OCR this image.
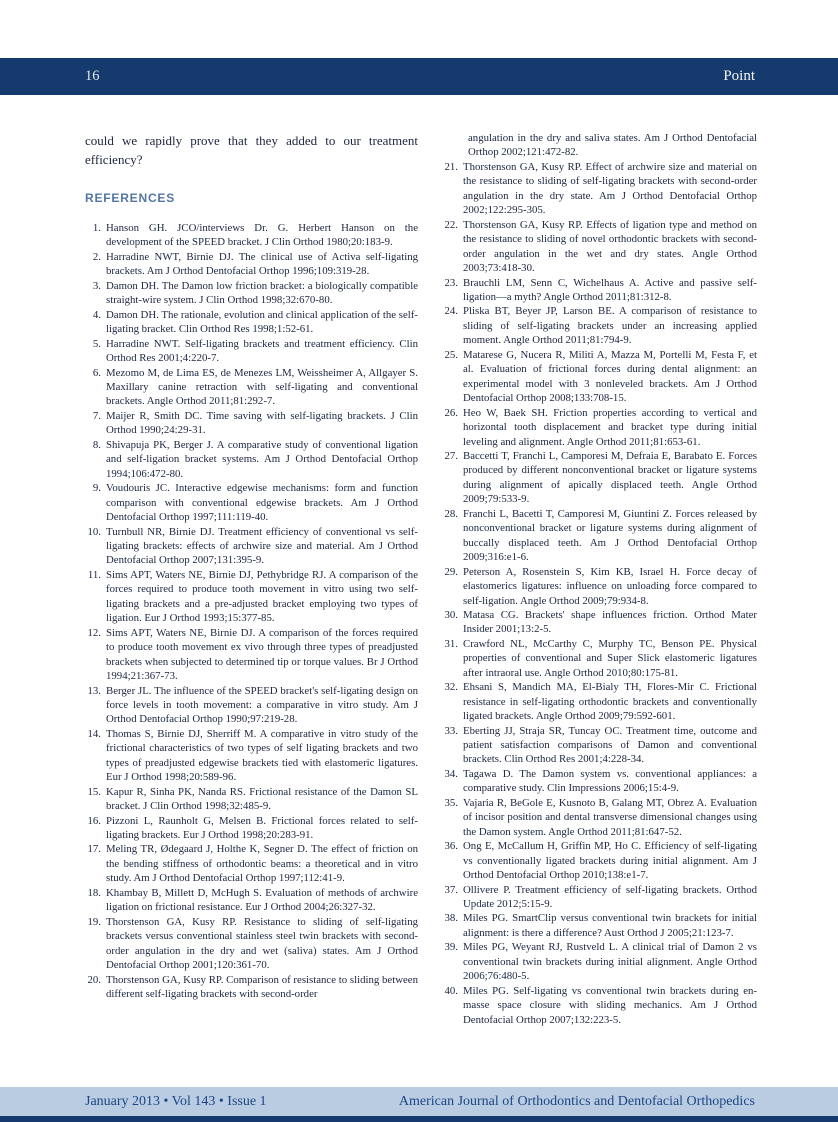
16	Point

could we rapidly prove that they added to our treatment efficiency?

REFERENCES
1. Hanson GH. JCO/interviews Dr. G. Herbert Hanson on the development of the SPEED bracket. J Clin Orthod 1980;20:183-9.
2. Harradine NWT, Birnie DJ. The clinical use of Activa self-ligating brackets. Am J Orthod Dentofacial Orthop 1996;109:319-28.
3. Damon DH. The Damon low friction bracket: a biologically compatible straight-wire system. J Clin Orthod 1998;32:670-80.
4. Damon DH. The rationale, evolution and clinical application of the self-ligating bracket. Clin Orthod Res 1998;1:52-61.
5. Harradine NWT. Self-ligating brackets and treatment efficiency. Clin Orthod Res 2001;4:220-7.
6. Mezomo M, de Lima ES, de Menezes LM, Weissheimer A, Allgayer S. Maxillary canine retraction with self-ligating and conventional brackets. Angle Orthod 2011;81:292-7.
7. Maijer R, Smith DC. Time saving with self-ligating brackets. J Clin Orthod 1990;24:29-31.
8. Shivapuja PK, Berger J. A comparative study of conventional ligation and self-ligation bracket systems. Am J Orthod Dentofacial Orthop 1994;106:472-80.
9. Voudouris JC. Interactive edgewise mechanisms: form and function comparison with conventional edgewise brackets. Am J Orthod Dentofacial Orthop 1997;111:119-40.
10. Turnbull NR, Birnie DJ. Treatment efficiency of conventional vs self-ligating brackets: effects of archwire size and material. Am J Orthod Dentofacial Orthop 2007;131:395-9.
11. Sims APT, Waters NE, Birnie DJ, Pethybridge RJ. A comparison of the forces required to produce tooth movement in vitro using two self-ligating brackets and a pre-adjusted bracket employing two types of ligation. Eur J Orthod 1993;15:377-85.
12. Sims APT, Waters NE, Birnie DJ. A comparison of the forces required to produce tooth movement ex vivo through three types of preadjusted brackets when subjected to determined tip or torque values. Br J Orthod 1994;21:367-73.
13. Berger JL. The influence of the SPEED bracket's self-ligating design on force levels in tooth movement: a comparative in vitro study. Am J Orthod Dentofacial Orthop 1990;97:219-28.
14. Thomas S, Birnie DJ, Sherriff M. A comparative in vitro study of the frictional characteristics of two types of self ligating brackets and two types of preadjusted edgewise brackets tied with elastomeric ligatures. Eur J Orthod 1998;20:589-96.
15. Kapur R, Sinha PK, Nanda RS. Frictional resistance of the Damon SL bracket. J Clin Orthod 1998;32:485-9.
16. Pizzoni L, Raunholt G, Melsen B. Frictional forces related to self-ligating brackets. Eur J Orthod 1998;20:283-91.
17. Meling TR, Ødegaard J, Holthe K, Segner D. The effect of friction on the bending stiffness of orthodontic beams: a theoretical and in vitro study. Am J Orthod Dentofacial Orthop 1997;112:41-9.
18. Khambay B, Millett D, McHugh S. Evaluation of methods of archwire ligation on frictional resistance. Eur J Orthod 2004;26:327-32.
19. Thorstenson GA, Kusy RP. Resistance to sliding of self-ligating brackets versus conventional stainless steel twin brackets with second-order angulation in the dry and wet (saliva) states. Am J Orthod Dentofacial Orthop 2001;120:361-70.
20. Thorstenson GA, Kusy RP. Comparison of resistance to sliding between different self-ligating brackets with second-order

angulation in the dry and saliva states. Am J Orthod Dentofacial Orthop 2002;121:472-82.

21. Thorstenson GA, Kusy RP. Effect of archwire size and material on the resistance to sliding of self-ligating brackets with second-order angulation in the dry state. Am J Orthod Dentofacial Orthop 2002;122:295-305.
22. Thorstenson GA, Kusy RP. Effects of ligation type and method on the resistance to sliding of novel orthodontic brackets with second-order angulation in the wet and dry states. Angle Orthod 2003;73:418-30.
23. Brauchli LM, Senn C, Wichelhaus A. Active and passive self-ligation—a myth? Angle Orthod 2011;81:312-8.
24. Pliska BT, Beyer JP, Larson BE. A comparison of resistance to sliding of self-ligating brackets under an increasing applied moment. Angle Orthod 2011;81:794-9.
25. Matarese G, Nucera R, Militi A, Mazza M, Portelli M, Festa F, et al. Evaluation of frictional forces during dental alignment: an experimental model with 3 nonleveled brackets. Am J Orthod Dentofacial Orthop 2008;133:708-15.
26. Heo W, Baek SH. Friction properties according to vertical and horizontal tooth displacement and bracket type during initial leveling and alignment. Angle Orthod 2011;81:653-61.
27. Baccetti T, Franchi L, Camporesi M, Defraia E, Barabato E. Forces produced by different nonconventional bracket or ligature systems during alignment of apically displaced teeth. Angle Orthod 2009;79:533-9.
28. Franchi L, Bacetti T, Camporesi M, Giuntini Z. Forces released by nonconventional bracket or ligature systems during alignment of buccally displaced teeth. Am J Orthod Dentofacial Orthop 2009;316:e1-6.
29. Peterson A, Rosenstein S, Kim KB, Israel H. Force decay of elastomerics ligatures: influence on unloading force compared to self-ligation. Angle Orthod 2009;79:934-8.
30. Matasa CG. Brackets' shape influences friction. Orthod Mater Insider 2001;13:2-5.
31. Crawford NL, McCarthy C, Murphy TC, Benson PE. Physical properties of conventional and Super Slick elastomeric ligatures after intraoral use. Angle Orthod 2010;80:175-81.
32. Ehsani S, Mandich MA, El-Bialy TH, Flores-Mir C. Frictional resistance in self-ligating orthodontic brackets and conventionally ligated brackets. Angle Orthod 2009;79:592-601.
33. Eberting JJ, Straja SR, Tuncay OC. Treatment time, outcome and patient satisfaction comparisons of Damon and conventional brackets. Clin Orthod Res 2001;4:228-34.
34. Tagawa D. The Damon system vs. conventional appliances: a comparative study. Clin Impressions 2006;15:4-9.
35. Vajaria R, BeGole E, Kusnoto B, Galang MT, Obrez A. Evaluation of incisor position and dental transverse dimensional changes using the Damon system. Angle Orthod 2011;81:647-52.
36. Ong E, McCallum H, Griffin MP, Ho C. Efficiency of self-ligating vs conventionally ligated brackets during initial alignment. Am J Orthod Dentofacial Orthop 2010;138:e1-7.
37. Ollivere P. Treatment efficiency of self-ligating brackets. Orthod Update 2012;5:15-9.
38. Miles PG. SmartClip versus conventional twin brackets for initial alignment: is there a difference? Aust Orthod J 2005;21:123-7.
39. Miles PG, Weyant RJ, Rustveld L. A clinical trial of Damon 2 vs conventional twin brackets during initial alignment. Angle Orthod 2006;76:480-5.
40. Miles PG. Self-ligating vs conventional twin brackets during en-masse space closure with sliding mechanics. Am J Orthod Dentofacial Orthop 2007;132:223-5.
January 2013 • Vol 143 • Issue 1	American Journal of Orthodontics and Dentofacial Orthopedics
